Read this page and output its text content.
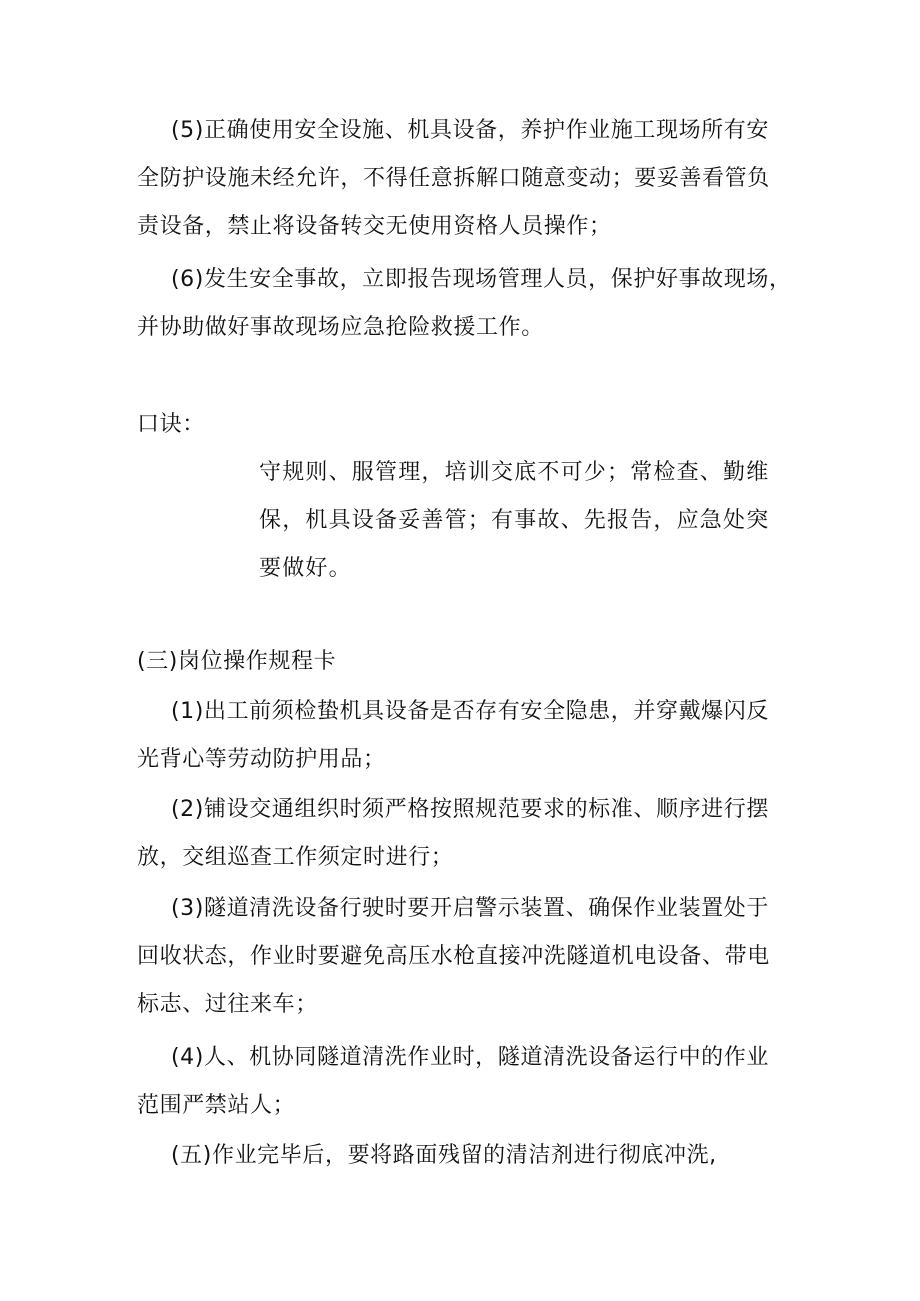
(5)正确使用安全设施、机具设备，养护作业施工现场所有安
全防护设施未经允许，不得任意拆解口随意变动；要妥善看管负
责设备，禁止将设备转交无使用资格人员操作；
(6)发生安全事故，立即报告现场管理人员，保护好事故现场，
并协助做好事故现场应急抢险救援工作。
口诀：
守规则、服管理，培训交底不可少；常检查、勤维
保，机具设备妥善管；有事故、先报告，应急处突
要做好。
(三)岗位操作规程卡
(1)出工前须检蛰机具设备是否存有安全隐患，并穿戴爆闪反
光背心等劳动防护用品；
(2)铺设交通组织时须严格按照规范要求的标准、顺序进行摆
放，交组巡查工作须定时进行；
(3)隧道清洗设备行驶时要开启警示装置、确保作业装置处于
回收状态，作业时要避免高压水枪直接冲洗隧道机电设备、带电
标志、过往来车；
(4)人、机协同隧道清洗作业时，隧道清洗设备运行中的作业
范围严禁站人；
(五)作业完毕后，要将路面残留的清洁剂进行彻底冲洗,
